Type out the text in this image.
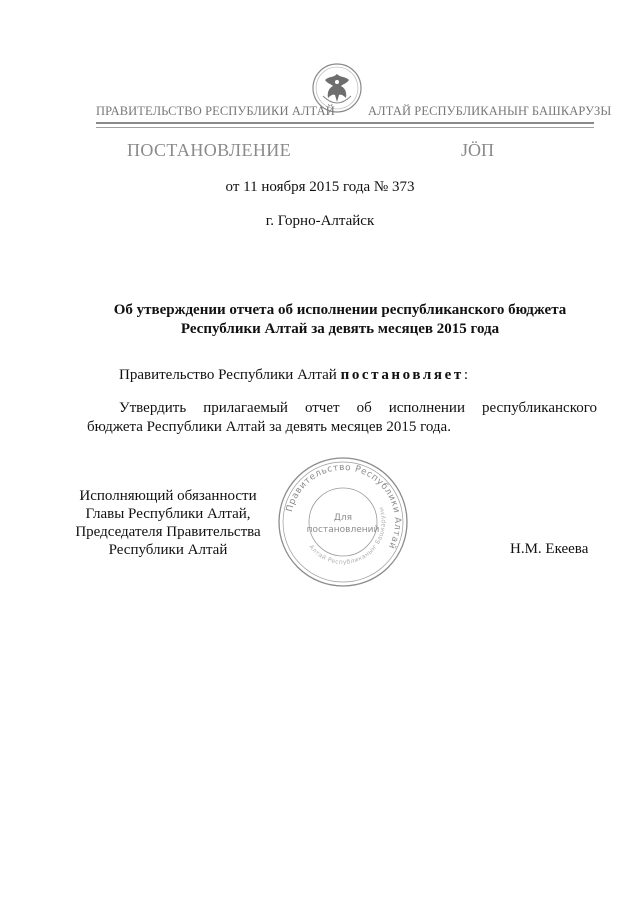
ПРАВИТЕЛЬСТВО РЕСПУБЛИКИ АЛТАЙ	АЛТАЙ РЕСПУБЛИКАНЫҤ БАШКАРУЗЫ
ПОСТАНОВЛЕНИЕ	ЈӦП
от 11 ноября 2015 года № 373
г. Горно-Алтайск
Об утверждении отчета об исполнении республиканского бюджета
Республики Алтай за девять месяцев 2015 года
Правительство Республики Алтай постановляет:
Утвердить прилагаемый отчет об исполнении республиканского
бюджета Республики Алтай за девять месяцев 2015 года.
Исполняющий обязанности
Главы Республики Алтай,
Председателя Правительства
Республики Алтай	Н.М. Екеева
Правительство Республики Алтай
Алтай Республиканыҥ Башкарузы
Для
постановлений
